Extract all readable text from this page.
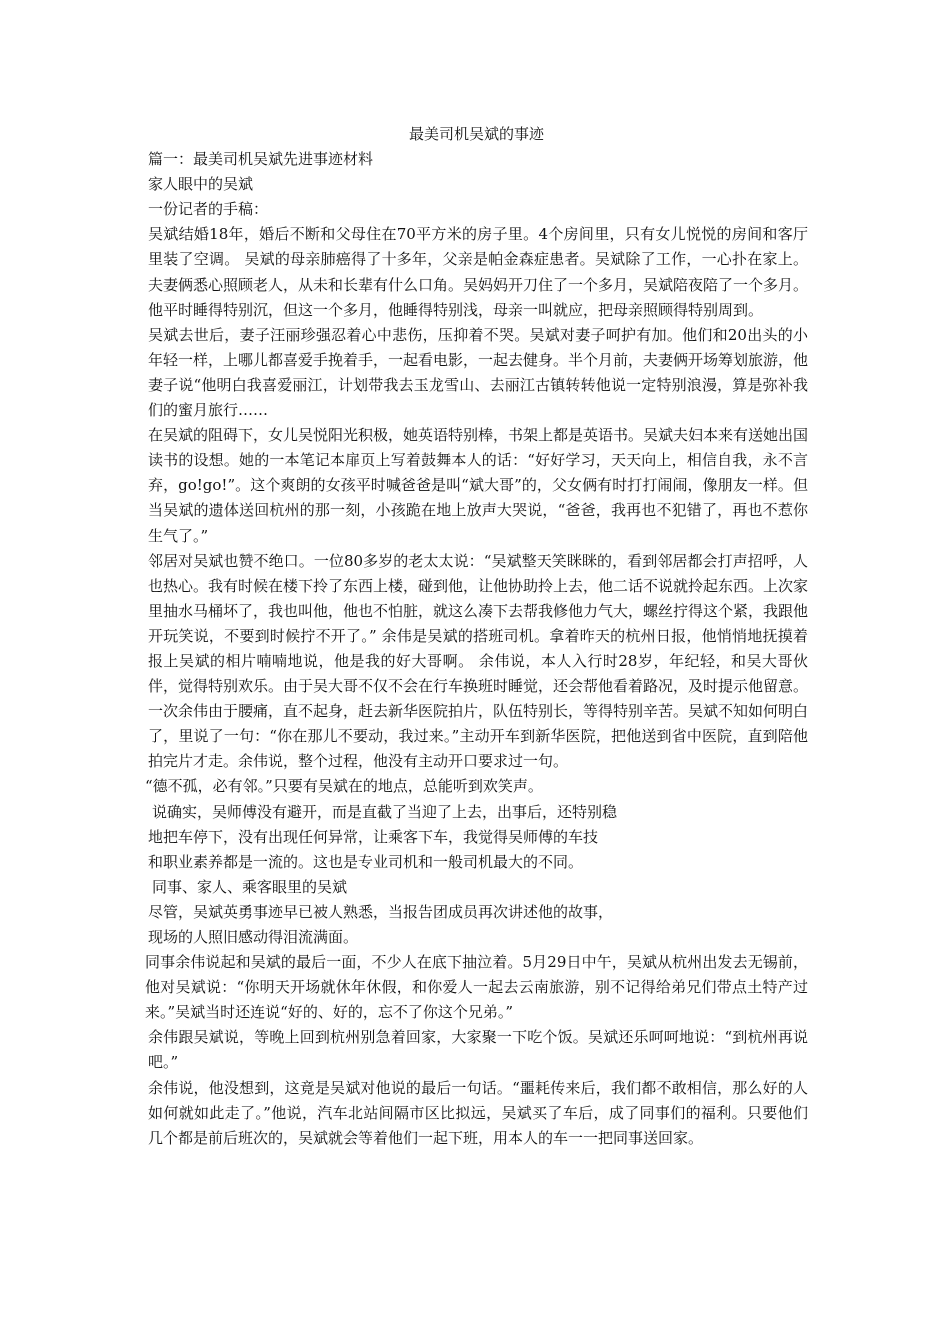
最美司机吴斌的事迹
篇一：最美司机吴斌先进事迹材料
家人眼中的吴斌
一份记者的手稿：
吴斌结婚18年，婚后不断和父母住在70平方米的房子里。4个房间里，只有女儿悦悦的房间和客厅里装了空调。 吴斌的母亲肺癌得了十多年，父亲是帕金森症患者。吴斌除了工作，一心扑在家上。夫妻俩悉心照顾老人，从未和长辈有什么口角。吴妈妈开刀住了一个多月，吴斌陪夜陪了一个多月。他平时睡得特别沉，但这一个多月，他睡得特别浅，母亲一叫就应，把母亲照顾得特别周到。
吴斌去世后，妻子汪丽珍强忍着心中悲伤，压抑着不哭。吴斌对妻子呵护有加。他们和20出头的小年轻一样，上哪儿都喜爱手挽着手，一起看电影，一起去健身。半个月前，夫妻俩开场筹划旅游，他妻子说“他明白我喜爱丽江，计划带我去玉龙雪山、去丽江古镇转转他说一定特别浪漫，算是弥补我们的蜜月旅行……
在吴斌的阻碍下，女儿吴悦阳光积极，她英语特别棒，书架上都是英语书。吴斌夫妇本来有送她出国读书的设想。她的一本笔记本扉页上写着鼓舞本人的话：“好好学习，天天向上，相信自我，永不言弃，go!go!”。这个爽朗的女孩平时喊爸爸是叫“斌大哥”的，父女俩有时打打闹闹，像朋友一样。但当吴斌的遗体送回杭州的那一刻，小孩跪在地上放声大哭说，“爸爸，我再也不犯错了，再也不惹你生气了。”
邻居对吴斌也赞不绝口。一位80多岁的老太太说：“吴斌整天笑眯眯的，看到邻居都会打声招呼，人也热心。我有时候在楼下拎了东西上楼，碰到他，让他协助拎上去，他二话不说就拎起东西。上次家里抽水马桶坏了，我也叫他，他也不怕脏，就这么凑下去帮我修他力气大，螺丝拧得这个紧，我跟他开玩笑说，不要到时候拧不开了。” 余伟是吴斌的搭班司机。拿着昨天的杭州日报，他悄悄地抚摸着报上吴斌的相片喃喃地说，他是我的好大哥啊。 余伟说，本人入行时28岁，年纪轻，和吴大哥伙伴，觉得特别欢乐。由于吴大哥不仅不会在行车换班时睡觉，还会帮他看着路况，及时提示他留意。一次余伟由于腰痛，直不起身，赶去新华医院拍片，队伍特别长，等得特别辛苦。吴斌不知如何明白了，里说了一句：“你在那儿不要动，我过来。”主动开车到新华医院，把他送到省中医院，直到陪他拍完片才走。余伟说，整个过程，他没有主动开口要求过一句。
“德不孤，必有邻。”只要有吴斌在的地点，总能听到欢笑声。
说确实，吴师傅没有避开，而是直截了当迎了上去，出事后，还特别稳
地把车停下，没有出现任何异常，让乘客下车，我觉得吴师傅的车技
和职业素养都是一流的。这也是专业司机和一般司机最大的不同。
同事、家人、乘客眼里的吴斌
尽管，吴斌英勇事迹早已被人熟悉，当报告团成员再次讲述他的故事，
现场的人照旧感动得泪流满面。
同事余伟说起和吴斌的最后一面，不少人在底下抽泣着。5月29日中午，吴斌从杭州出发去无锡前，他对吴斌说：“你明天开场就休年休假，和你爱人一起去云南旅游，别不记得给弟兄们带点土特产过来。”吴斌当时还连说“好的、好的，忘不了你这个兄弟。”
余伟跟吴斌说，等晚上回到杭州别急着回家，大家聚一下吃个饭。吴斌还乐呵呵地说：“到杭州再说吧。”
余伟说，他没想到，这竟是吴斌对他说的最后一句话。“噩耗传来后，我们都不敢相信，那么好的人如何就如此走了。”他说，汽车北站间隔市区比拟远，吴斌买了车后，成了同事们的福利。只要他们几个都是前后班次的，吴斌就会等着他们一起下班，用本人的车一一把同事送回家。
